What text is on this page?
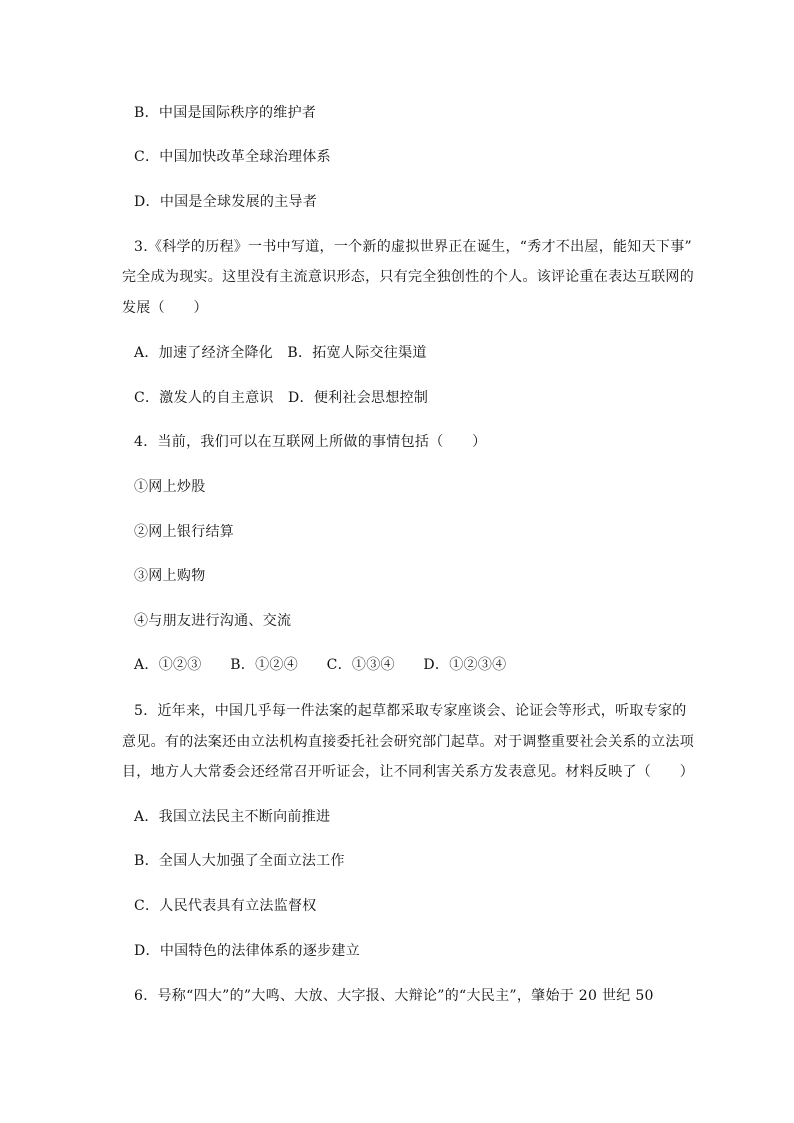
B．中国是国际秩序的维护者
C．中国加快改革全球治理体系
D．中国是全球发展的主导者
3.《科学的历程》一书中写道，一个新的虚拟世界正在诞生，“秀才不出屋，能知天下事”
完全成为现实。这里没有主流意识形态，只有完全独创性的个人。该评论重在表达互联网的
发展（　　）
A．加速了经济全降化　B．拓宽人际交往渠道
C．激发人的自主意识　D．便利社会思想控制
4．当前，我们可以在互联网上所做的事情包括（　　）
①网上炒股
②网上银行结算
③网上购物
④与朋友进行沟通、交流
A．①②③　　B．①②④　　C．①③④　　D．①②③④
5．近年来，中国几乎每一件法案的起草都采取专家座谈会、论证会等形式，听取专家的
意见。有的法案还由立法机构直接委托社会研究部门起草。对于调整重要社会关系的立法项
目，地方人大常委会还经常召开听证会，让不同利害关系方发表意见。材料反映了（　　）
A．我国立法民主不断向前推进
B．全国人大加强了全面立法工作
C．人民代表具有立法监督权
D．中国特色的法律体系的逐步建立
6．号称“四大”的”大鸣、大放、大字报、大辩论”的“大民主”，肇始于 20 世纪 50
